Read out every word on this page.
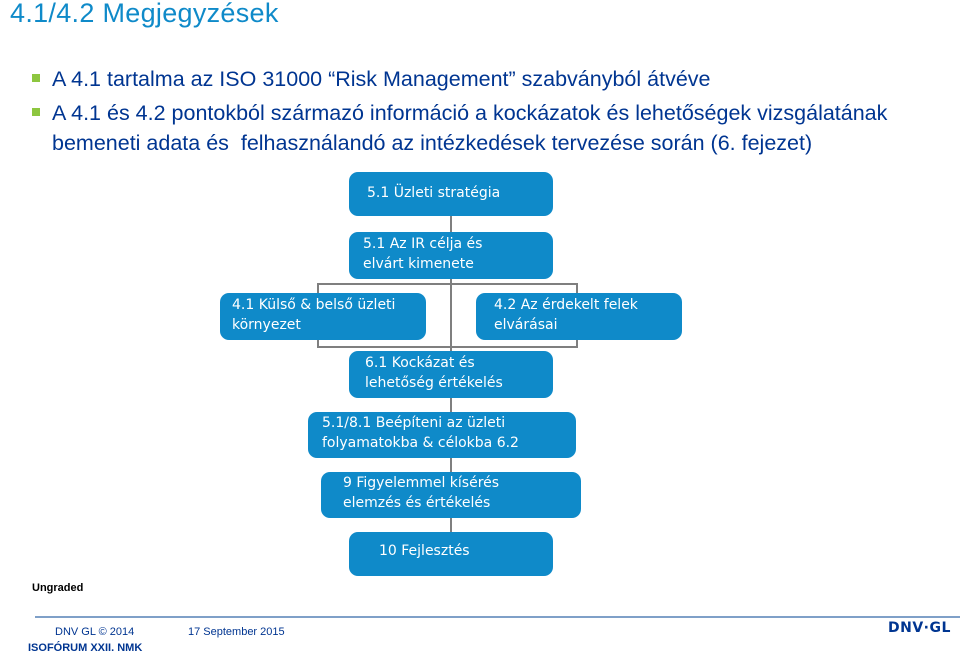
4.1/4.2 Megjegyzések
A 4.1 tartalma az ISO 31000 “Risk Management” szabványból átvéve
A 4.1 és 4.2 pontokból származó információ a kockázatok és lehetőségek vizsgálatának bemeneti adata és  felhasználandó az intézkedések tervezése során (6. fejezet)
5.1 Üzleti stratégia
5.1 Az IR célja és
elvárt kimenete
4.1 Külső & belső üzleti
környezet
4.2 Az érdekelt felek
elvárásai
6.1 Kockázat és
lehetőség értékelés
5.1/8.1 Beépíteni az üzleti
folyamatokba & célokba 6.2
9 Figyelemmel kísérés
elemzés és értékelés
10 Fejlesztés
Ungraded
DNV GL © 2014	17 September 2015
ISOFÓRUM XXII. NMK
DNV·GL
